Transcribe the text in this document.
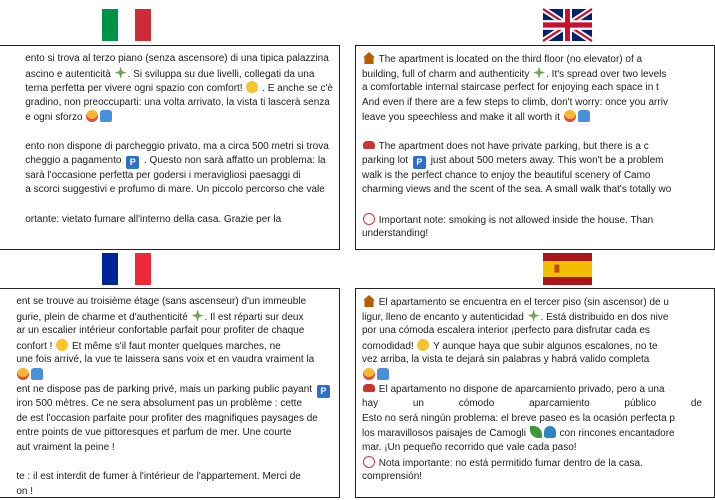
ento si trova al terzo piano (senza ascensore) di una tipica palazzina
ascino e autenticità . Si sviluppa su due livelli, collegati da una
terna perfetta per vivere ogni spazio con comfort! . E anche se c'è
gradino, non preoccuparti: una volta arrivato, la vista ti lascerà senza
e ogni sforzo
ento non dispone di parcheggio privato, ma a circa 500 metri si trova
cheggio a pagamento P . Questo non sarà affatto un problema: la
sarà l'occasione perfetta per godersi i meravigliosi paesaggi di
a scorci suggestivi e profumo di mare. Un piccolo percorso che vale
ortante: vietato fumare all'interno della casa. Grazie per la
The apartment is located on the third floor (no elevator) of a
building, full of charm and authenticity . It's spread over two levels
a comfortable internal staircase perfect for enjoying each space in t
And even if there are a few steps to climb, don't worry: once you arriv
leave you speechless and make it all worth it
The apartment does not have private parking, but there is a c
parking lot P just about 500 meters away. This won't be a problem
walk is the perfect chance to enjoy the beautiful scenery of Camo
charming views and the scent of the sea. A small walk that's totally wo
Important note: smoking is not allowed inside the house. Than
understanding!
ent se trouve au troisième étage (sans ascenseur) d'un immeuble
gurie, plein de charme et d'authenticité . Il est réparti sur deux
ar un escalier intérieur confortable parfait pour profiter de chaque
confort ! Et même s'il faut monter quelques marches, ne
une fois arrivé, la vue te laissera sans voix et en vaudra vraiment la
ent ne dispose pas de parking privé, mais un parking public payant P
iron 500 mètres. Ce ne sera absolument pas un problème : cette
de est l'occasion parfaite pour profiter des magnifiques paysages de
entre points de vue pittoresques et parfum de mer. Une courte
aut vraiment la peine !
te : il est interdit de fumer à l'intérieur de l'appartement. Merci de
on !
El apartamento se encuentra en el tercer piso (sin ascensor) de u
ligur, lleno de encanto y autenticidad . Está distribuido en dos nive
por una cómoda escalera interior ¡perfecto para disfrutar cada es
comodidad! Y aunque haya que subir algunos escalones, no te
vez arriba, la vista te dejará sin palabras y habrá valido completa
El apartamento no dispone de aparcamiento privado, pero a una
hay	un	cómodo	aparcamiento	público	de
Esto no será ningún problema: el breve paseo es la ocasión perfecta p
los maravillosos paisajes de Camogli	con rincones encantadore
mar. ¡Un pequeño recorrido que vale cada paso!
Nota importante: no está permitido fumar dentro de la casa.
comprensión!
